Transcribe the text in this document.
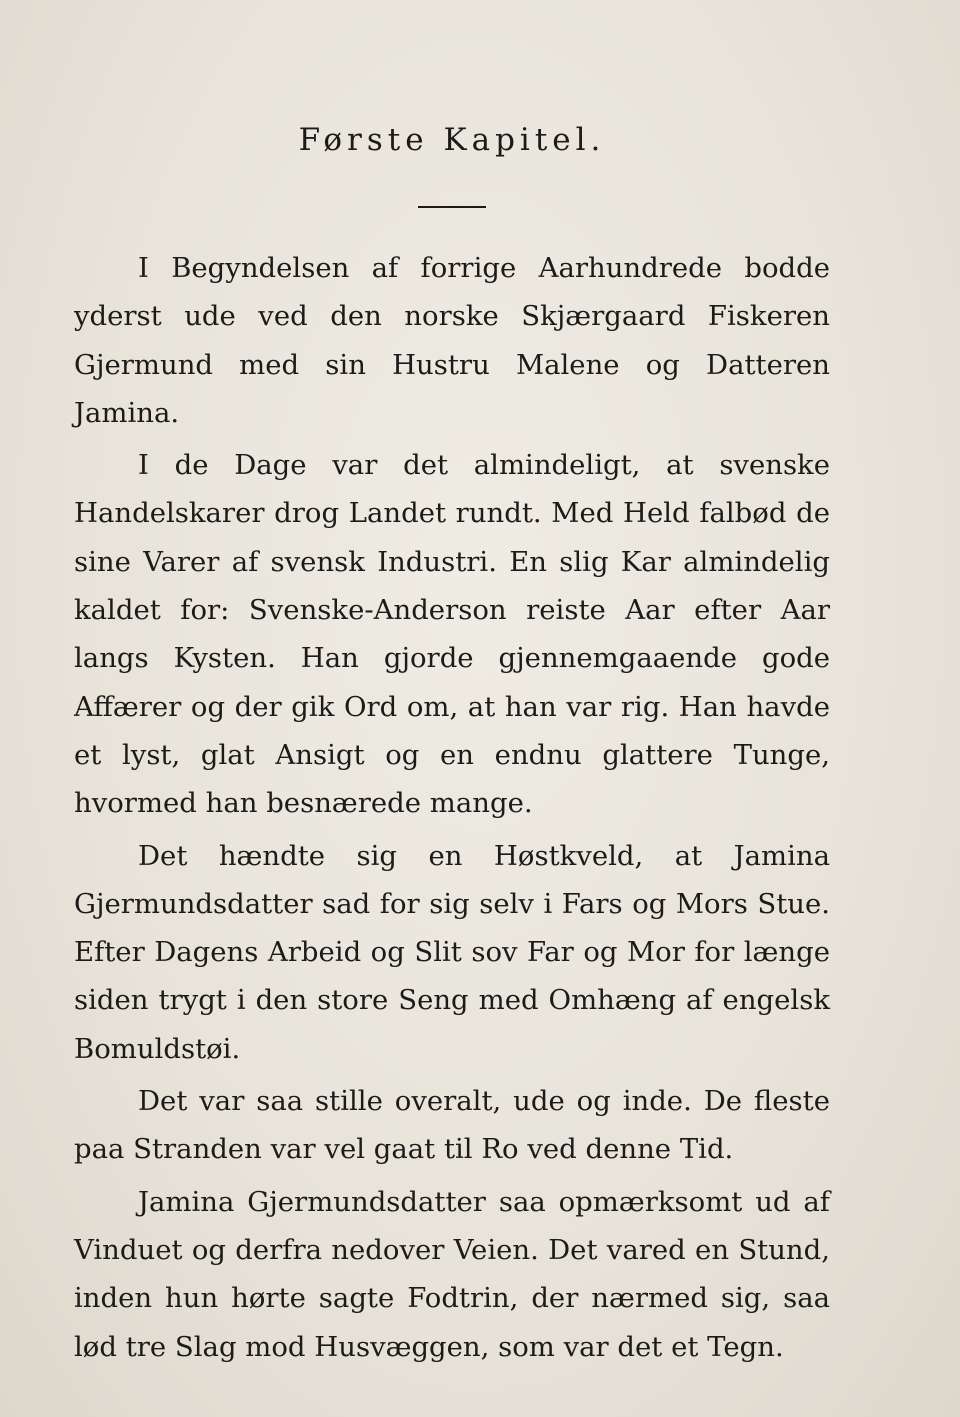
Første Kapitel.

I Begyndelsen af forrige Aarhundrede bodde yderst ude ved den norske Skjærgaard Fiskeren Gjermund med sin Hustru Malene og Datteren Jamina.

I de Dage var det almindeligt, at svenske Handelskarer drog Landet rundt. Med Held falbød de sine Varer af svensk Industri. En slig Kar almindelig kaldet for: Svenske-Anderson reiste Aar efter Aar langs Kysten. Han gjorde gjennemgaaende gode Affærer og der gik Ord om, at han var rig. Han havde et lyst, glat Ansigt og en endnu glattere Tunge, hvormed han besnærede mange.

Det hændte sig en Høstkveld, at Jamina Gjermundsdatter sad for sig selv i Fars og Mors Stue. Efter Dagens Arbeid og Slit sov Far og Mor for længe siden trygt i den store Seng med Omhæng af engelsk Bomuldstøi.

Det var saa stille overalt, ude og inde. De fleste paa Stranden var vel gaat til Ro ved denne Tid.

Jamina Gjermundsdatter saa opmærksomt ud af Vinduet og derfra nedover Veien. Det vared en Stund, inden hun hørte sagte Fodtrin, der nærmed sig, saa lød tre Slag mod Husvæggen, som var det et Tegn.
